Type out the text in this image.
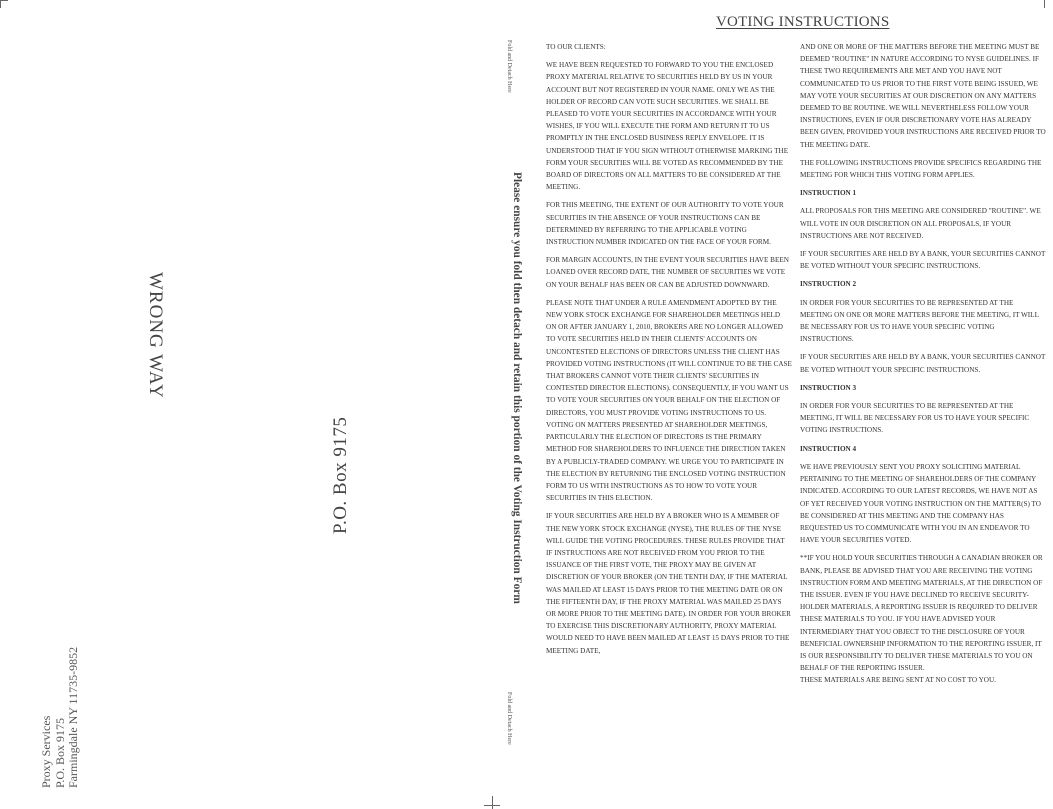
Proxy Services P.O. Box 9175 Farmingdale NY 11735-9852
WRONG WAY
P.O. Box 9175
Fold and Detach Here
Fold and Detach Here
Please ensure you fold then detach and retain this portion of the Voting Instruction Form
VOTING INSTRUCTIONS

TO OUR CLIENTS:

WE HAVE BEEN REQUESTED TO FORWARD TO YOU THE ENCLOSED PROXY MATERIAL RELATIVE TO SECURITIES HELD BY US IN YOUR ACCOUNT BUT NOT REGISTERED IN YOUR NAME. ONLY WE AS THE HOLDER OF RECORD CAN VOTE SUCH SECURITIES. WE SHALL BE PLEASED TO VOTE YOUR SECURITIES IN ACCORDANCE WITH YOUR WISHES, IF YOU WILL EXECUTE THE FORM AND RETURN IT TO US PROMPTLY IN THE ENCLOSED BUSINESS REPLY ENVELOPE. IT IS UNDERSTOOD THAT IF YOU SIGN WITHOUT OTHERWISE MARKING THE FORM YOUR SECURITIES WILL BE VOTED AS RECOMMENDED BY THE BOARD OF DIRECTORS ON ALL MATTERS TO BE CONSIDERED AT THE MEETING.

FOR THIS MEETING, THE EXTENT OF OUR AUTHORITY TO VOTE YOUR SECURITIES IN THE ABSENCE OF YOUR INSTRUCTIONS CAN BE DETERMINED BY REFERRING TO THE APPLICABLE VOTING INSTRUCTION NUMBER INDICATED ON THE FACE OF YOUR FORM.

FOR MARGIN ACCOUNTS, IN THE EVENT YOUR SECURITIES HAVE BEEN LOANED OVER RECORD DATE, THE NUMBER OF SECURITIES WE VOTE ON YOUR BEHALF HAS BEEN OR CAN BE ADJUSTED DOWNWARD.

PLEASE NOTE THAT UNDER A RULE AMENDMENT ADOPTED BY THE NEW YORK STOCK EXCHANGE FOR SHAREHOLDER MEETINGS HELD ON OR AFTER JANUARY 1, 2010, BROKERS ARE NO LONGER ALLOWED TO VOTE SECURITIES HELD IN THEIR CLIENTS' ACCOUNTS ON UNCONTESTED ELECTIONS OF DIRECTORS UNLESS THE CLIENT HAS PROVIDED VOTING INSTRUCTIONS (IT WILL CONTINUE TO BE THE CASE THAT BROKERS CANNOT VOTE THEIR CLIENTS' SECURITIES IN CONTESTED DIRECTOR ELECTIONS). CONSEQUENTLY, IF YOU WANT US TO VOTE YOUR SECURITIES ON YOUR BEHALF ON THE ELECTION OF DIRECTORS, YOU MUST PROVIDE VOTING INSTRUCTIONS TO US. VOTING ON MATTERS PRESENTED AT SHAREHOLDER MEETINGS, PARTICULARLY THE ELECTION OF DIRECTORS IS THE PRIMARY METHOD FOR SHAREHOLDERS TO INFLUENCE THE DIRECTION TAKEN BY A PUBLICLY-TRADED COMPANY. WE URGE YOU TO PARTICIPATE IN THE ELECTION BY RETURNING THE ENCLOSED VOTING INSTRUCTION FORM TO US WITH INSTRUCTIONS AS TO HOW TO VOTE YOUR SECURITIES IN THIS ELECTION.

IF YOUR SECURITIES ARE HELD BY A BROKER WHO IS A MEMBER OF THE NEW YORK STOCK EXCHANGE (NYSE), THE RULES OF THE NYSE WILL GUIDE THE VOTING PROCEDURES. THESE RULES PROVIDE THAT IF INSTRUCTIONS ARE NOT RECEIVED FROM YOU PRIOR TO THE ISSUANCE OF THE FIRST VOTE, THE PROXY MAY BE GIVEN AT DISCRETION OF YOUR BROKER (ON THE TENTH DAY, IF THE MATERIAL WAS MAILED AT LEAST 15 DAYS PRIOR TO THE MEETING DATE OR ON THE FIFTEENTH DAY, IF THE PROXY MATERIAL WAS MAILED 25 DAYS OR MORE PRIOR TO THE MEETING DATE). IN ORDER FOR YOUR BROKER TO EXERCISE THIS DISCRETIONARY AUTHORITY, PROXY MATERIAL WOULD NEED TO HAVE BEEN MAILED AT LEAST 15 DAYS PRIOR TO THE MEETING DATE,

AND ONE OR MORE OF THE MATTERS BEFORE THE MEETING MUST BE DEEMED "ROUTINE" IN NATURE ACCORDING TO NYSE GUIDELINES. IF THESE TWO REQUIREMENTS ARE MET AND YOU HAVE NOT COMMUNICATED TO US PRIOR TO THE FIRST VOTE BEING ISSUED, WE MAY VOTE YOUR SECURITIES AT OUR DISCRETION ON ANY MATTERS DEEMED TO BE ROUTINE. WE WILL NEVERTHELESS FOLLOW YOUR INSTRUCTIONS, EVEN IF OUR DISCRETIONARY VOTE HAS ALREADY BEEN GIVEN, PROVIDED YOUR INSTRUCTIONS ARE RECEIVED PRIOR TO THE MEETING DATE.

THE FOLLOWING INSTRUCTIONS PROVIDE SPECIFICS REGARDING THE MEETING FOR WHICH THIS VOTING FORM APPLIES.

INSTRUCTION 1

ALL PROPOSALS FOR THIS MEETING ARE CONSIDERED "ROUTINE". WE WILL VOTE IN OUR DISCRETION ON ALL PROPOSALS, IF YOUR INSTRUCTIONS ARE NOT RECEIVED.

IF YOUR SECURITIES ARE HELD BY A BANK, YOUR SECURITIES CANNOT BE VOTED WITHOUT YOUR SPECIFIC INSTRUCTIONS.

INSTRUCTION 2

IN ORDER FOR YOUR SECURITIES TO BE REPRESENTED AT THE MEETING ON ONE OR MORE MATTERS BEFORE THE MEETING, IT WILL BE NECESSARY FOR US TO HAVE YOUR SPECIFIC VOTING INSTRUCTIONS.

IF YOUR SECURITIES ARE HELD BY A BANK, YOUR SECURITIES CANNOT BE VOTED WITHOUT YOUR SPECIFIC INSTRUCTIONS.

INSTRUCTION 3

IN ORDER FOR YOUR SECURITIES TO BE REPRESENTED AT THE MEETING, IT WILL BE NECESSARY FOR US TO HAVE YOUR SPECIFIC VOTING INSTRUCTIONS.

INSTRUCTION 4

WE HAVE PREVIOUSLY SENT YOU PROXY SOLICITING MATERIAL PERTAINING TO THE MEETING OF SHAREHOLDERS OF THE COMPANY INDICATED. ACCORDING TO OUR LATEST RECORDS, WE HAVE NOT AS OF YET RECEIVED YOUR VOTING INSTRUCTION ON THE MATTER(S) TO BE CONSIDERED AT THIS MEETING AND THE COMPANY HAS REQUESTED US TO COMMUNICATE WITH YOU IN AN ENDEAVOR TO HAVE YOUR SECURITIES VOTED.

**IF YOU HOLD YOUR SECURITIES THROUGH A CANADIAN BROKER OR BANK, PLEASE BE ADVISED THAT YOU ARE RECEIVING THE VOTING INSTRUCTION FORM AND MEETING MATERIALS, AT THE DIRECTION OF THE ISSUER. EVEN IF YOU HAVE DECLINED TO RECEIVE SECURITY- HOLDER MATERIALS, A REPORTING ISSUER IS REQUIRED TO DELIVER THESE MATERIALS TO YOU. IF YOU HAVE ADVISED YOUR INTERMEDIARY THAT YOU OBJECT TO THE DISCLOSURE OF YOUR BENEFICIAL OWNERSHIP INFORMATION TO THE REPORTING ISSUER, IT IS OUR RESPONSIBILITY TO DELIVER THESE MATERIALS TO YOU ON BEHALF OF THE REPORTING ISSUER.

THESE MATERIALS ARE BEING SENT AT NO COST TO YOU.
